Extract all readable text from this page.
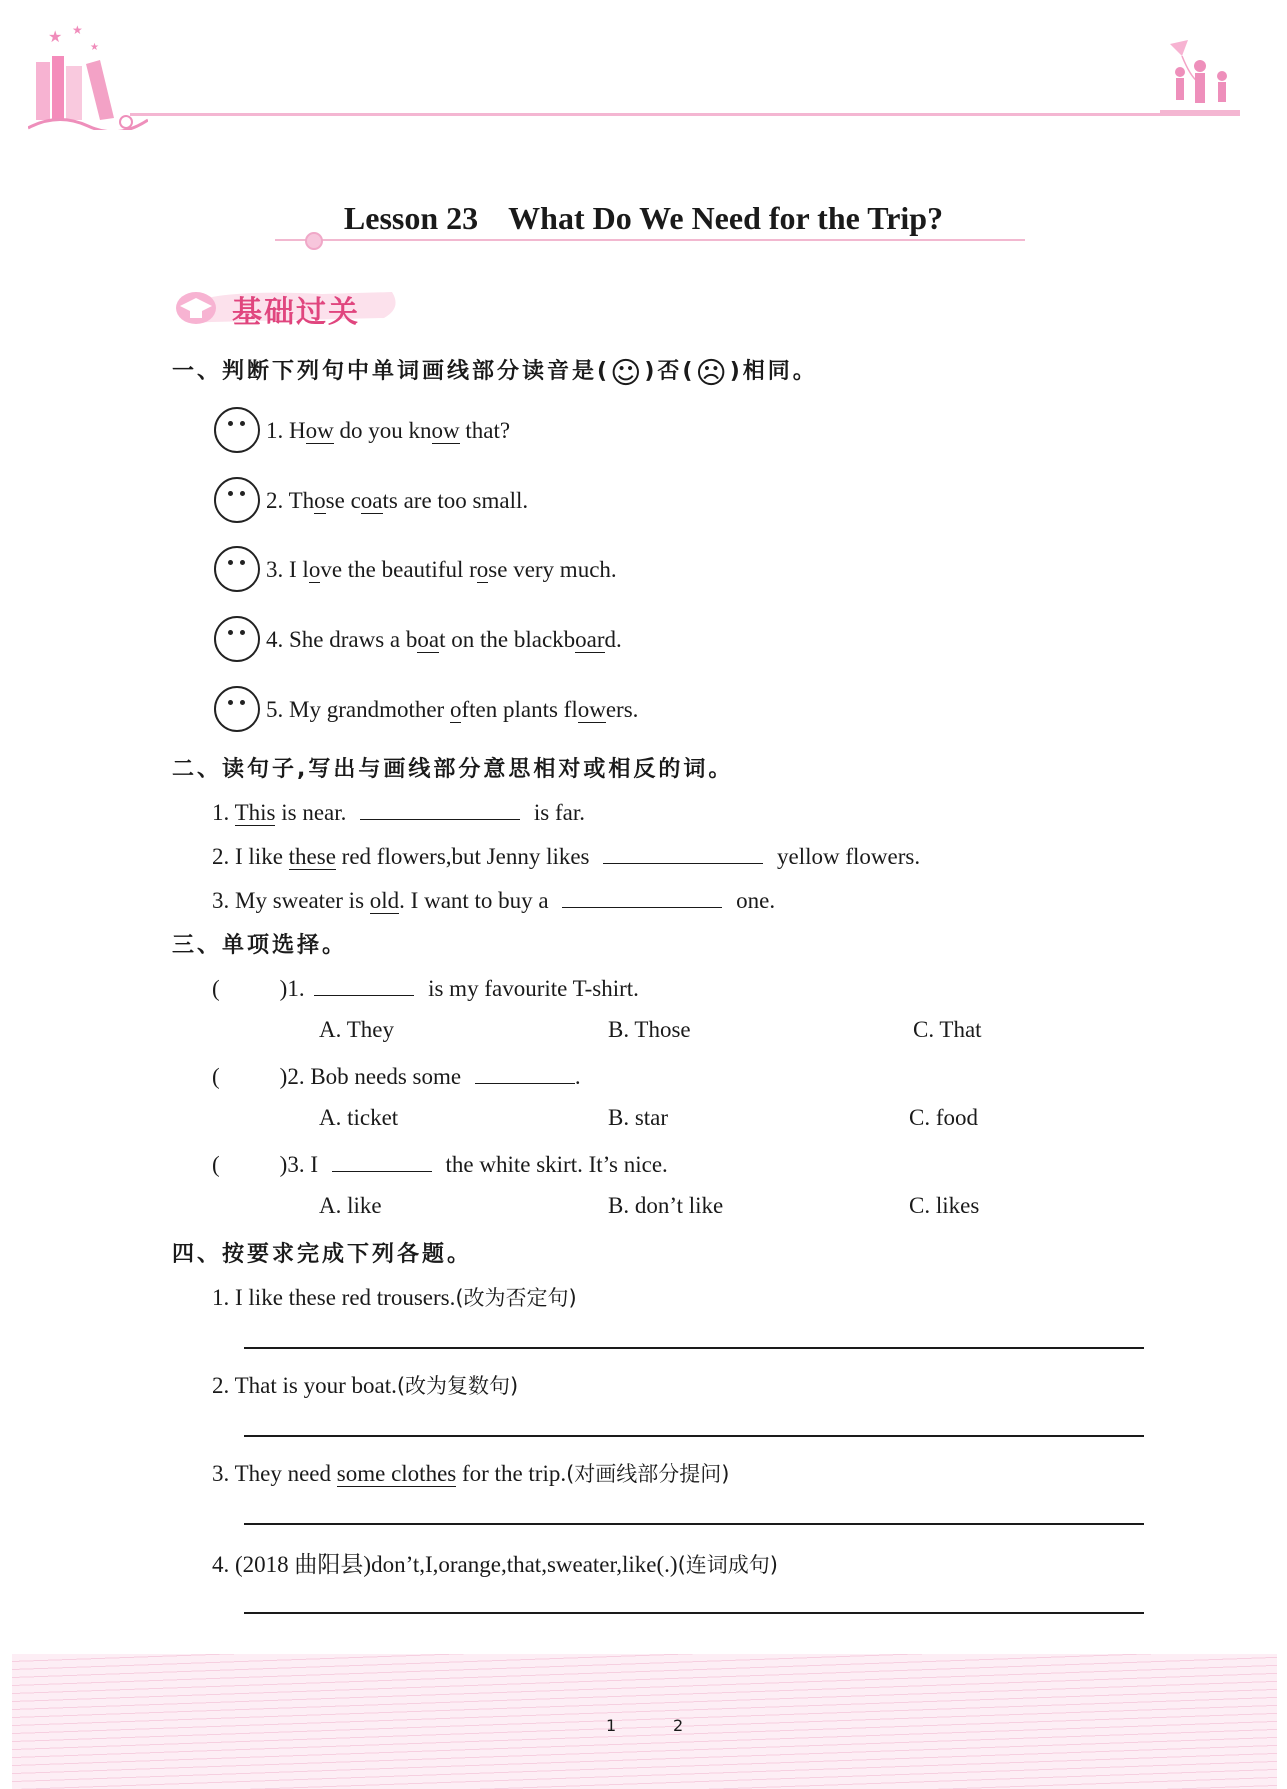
★ ★
★
Lesson 23 What Do We Need for the Trip?
基础过关
一、判断下列句中单词画线部分读音是(☺)否(☹)相同。
1. How do you know that?
2. Those coats are too small.
3. I love the beautiful rose very much.
4. She draws a boat on the blackboard.
5. My grandmother often plants flowers.
二、读句子,写出与画线部分意思相对或相反的词。
1. This is near.	is far.
2. I like these red flowers,but Jenny likes	yellow flowers.
3. My sweater is old. I want to buy a	one.
三、单项选择。
(	)1.	is my favourite T-shirt.
A. They	B. Those	C. That
(	)2. Bob needs some	.
A. ticket	B. star	C. food
(	)3. I	the white skirt. It’s nice.
A. like	B. don’t like	C. likes
四、按要求完成下列各题。
1. I like these red trousers.(改为否定句)
2. That is your boat.(改为复数句)
3. They need some clothes for the trip.(对画线部分提问)
4. (2018 曲阳县)don’t,I,orange,that,sweater,like(.)(连词成句)
1	2
